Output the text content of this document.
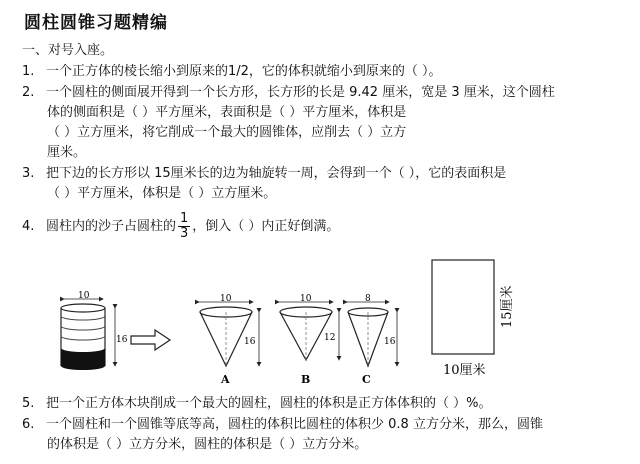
圆柱圆锥习题精编
一、对号入座。
1. 一个正方体的棱长缩小到原来的1/2，它的体积就缩小到原来的（ ）。
2. 一个圆柱的侧面展开得到一个长方形，长方形的长是 9.42 厘米，宽是 3 厘米，这个圆柱
体的侧面积是（ ）平方厘米，表面积是（ ）平方厘米，体积是
（ ）立方厘米，将它削成一个最大的圆锥体，应削去（ ）立方
厘米。
3. 把下边的长方形以 15厘米长的边为轴旋转一周，会得到一个（ ），它的表面积是
（ ）平方厘米，体积是（ ）立方厘米。
4. 圆柱内的沙子占圆柱的 $\frac{1}{3}$ ，倒入（ ）内正好倒满。
10
16
10
16
A
10
12
B
8
16
C
15厘米
10厘米
5. 把一个正方体木块削成一个最大的圆柱，圆柱的体积是正方体体积的（ ）%。
6. 一个圆柱和一个圆锥等底等高，圆柱的体积比圆柱的体积少 0.8 立方分米，那么，圆锥
的体积是（ ）立方分米，圆柱的体积是（ ）立方分米。
